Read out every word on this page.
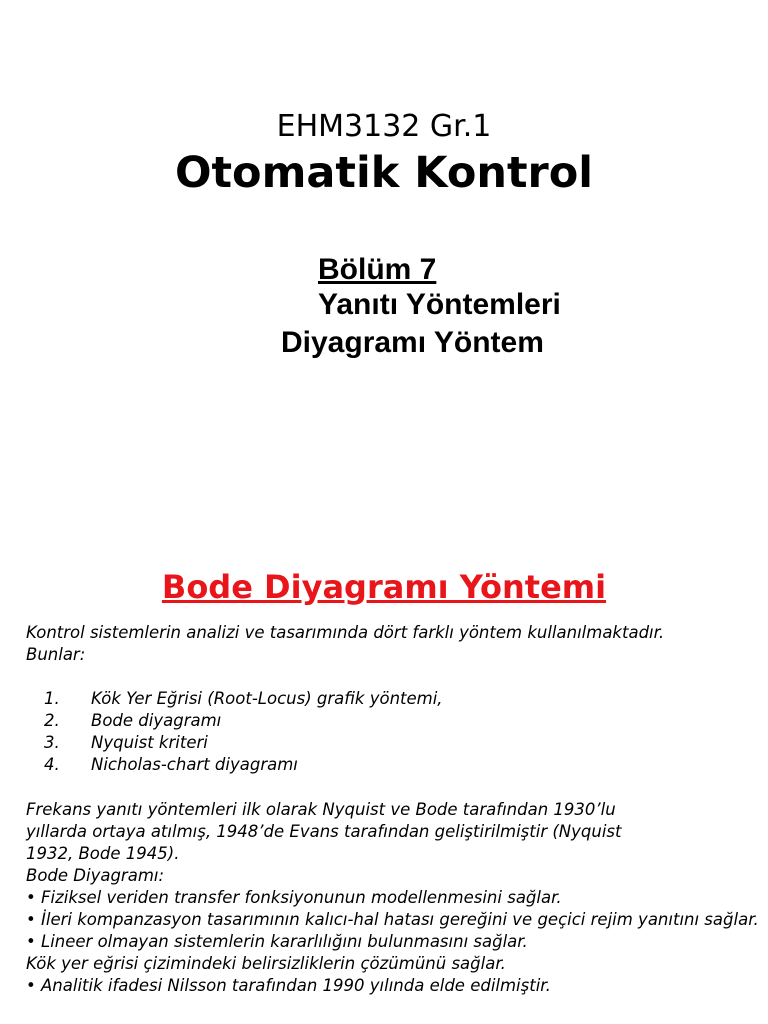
EHM3132 Gr.1
Otomatik Kontrol
Bölüm 7
Yanıtı Yöntemleri
Diyagramı Yöntem
Bode Diyagramı Yöntemi
Kontrol sistemlerin analizi ve tasarımında dört farklı yöntem kullanılmaktadır.
Bunlar:
1.	Kök Yer Eğrisi (Root-Locus) grafik yöntemi,
2.	Bode diyagramı
3.	Nyquist kriteri
4.	Nicholas-chart diyagramı
Frekans yanıtı yöntemleri ilk olarak Nyquist ve Bode tarafından 1930’lu
yıllarda ortaya atılmış, 1948’de Evans tarafından geliştirilmiştir (Nyquist
1932, Bode 1945).
Bode Diyagramı:
• Fiziksel veriden transfer fonksiyonunun modellenmesini sağlar.
• İleri kompanzasyon tasarımının kalıcı-hal hatası gereğini ve geçici rejim yanıtını sağlar.
• Lineer olmayan sistemlerin kararlılığını bulunmasını sağlar.
Kök yer eğrisi çizimindeki belirsizliklerin çözümünü sağlar.
• Analitik ifadesi Nilsson tarafından 1990 yılında elde edilmiştir.
